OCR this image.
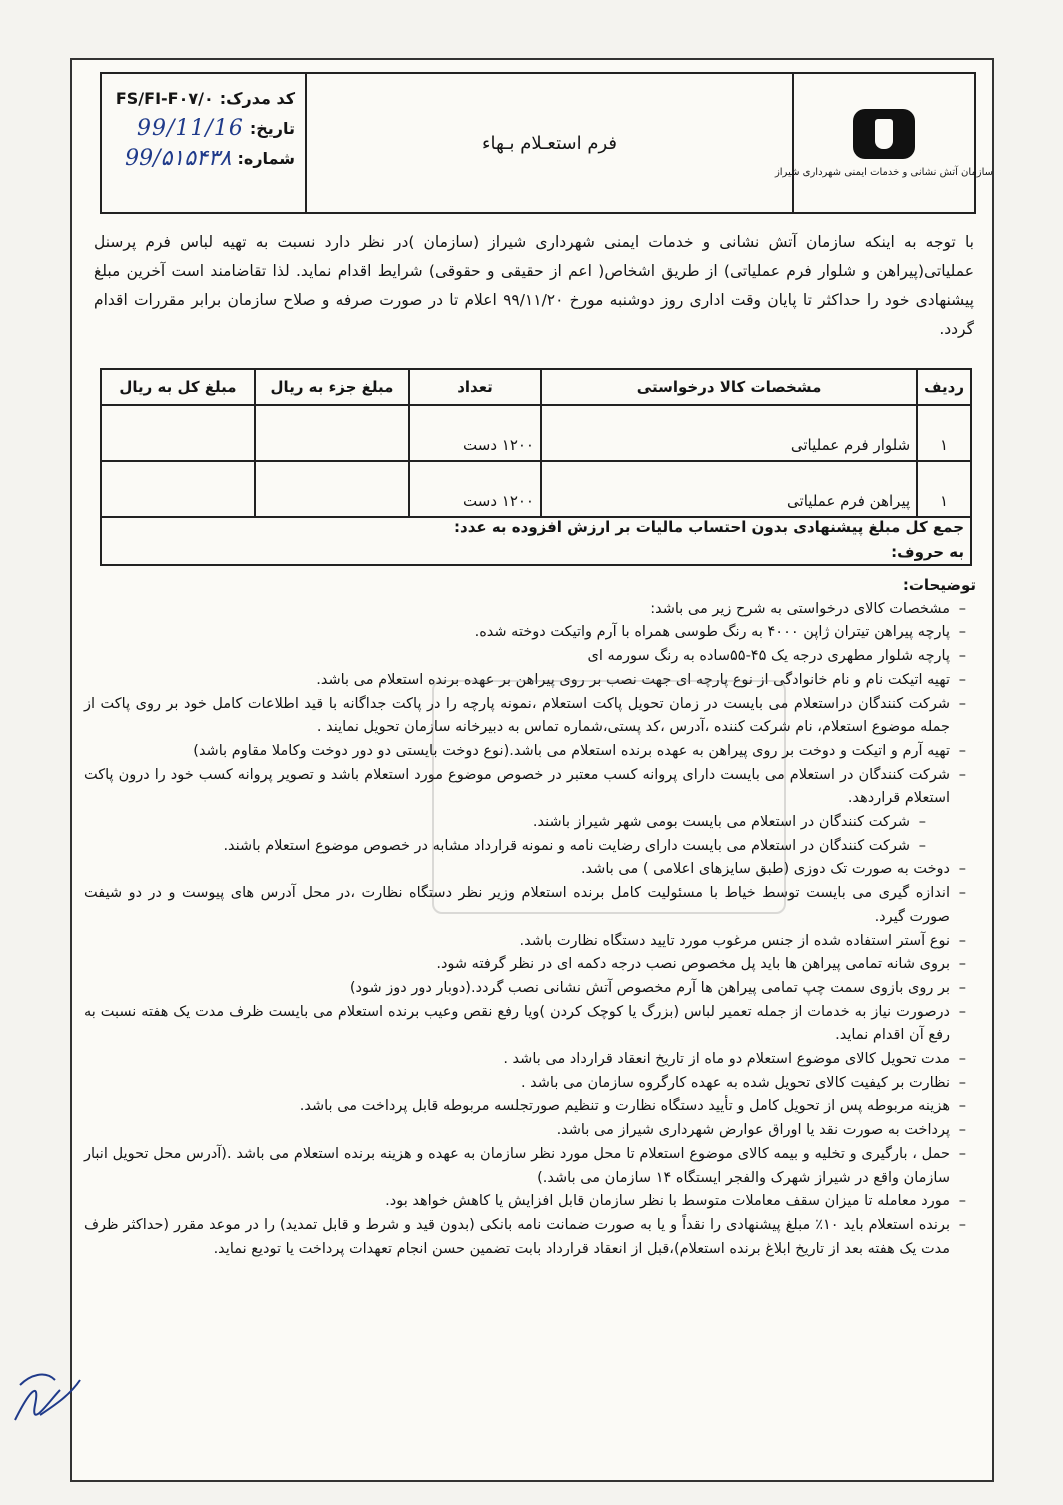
کد مدرک:
FS/FI-F۰۷/۰
تاریخ:
99/11/16
شماره:
99/۵۱۵۴۳۸
فرم استعـلام بـهاء
سازمان آتش نشانی و خدمات ایمنی شهرداری شیراز
با توجه به اینکه سازمان آتش نشانی و خدمات ایمنی شهرداری شیراز (سازمان )در نظر دارد نسبت به تهیه لباس فرم پرسنل عملیاتی(پیراهن و شلوار فرم عملیاتی) از طریق اشخاص( اعم از حقیقی و حقوقی) شرایط اقدام نماید. لذا تقاضامند است آخرین مبلغ پیشنهادی خود را حداکثر تا پایان وقت اداری روز دوشنبه مورخ ۹۹/۱۱/۲۰ اعلام تا در صورت صرفه و صلاح سازمان برابر مقررات اقدام گردد.
ردیف	مشخصات کالا درخواستی	تعداد	مبلغ جزء به ریال	مبلغ کل به ریال
۱	شلوار فرم عملیاتی	۱۲۰۰ دست		
۱	پیراهن فرم عملیاتی	۱۲۰۰ دست		
جمع کل مبلغ پیشنهادی بدون احتساب مالیات بر ارزش افزوده به عدد:
به حروف:
توضیحات:
– مشخصات کالای درخواستی به شرح زیر می باشد:
– پارچه پیراهن تیتران ژاپن ۴۰۰۰ به رنگ طوسی همراه با آرم واتیکت دوخته شده.
– پارچه شلوار مطهری درجه یک ۴۵-۵۵ساده به رنگ سورمه ای
– تهیه اتیکت نام و نام خانوادگی از نوع پارچه ای جهت نصب بر روی پیراهن بر عهده برنده استعلام می باشد.
– شرکت کنندگان دراستعلام می بایست در زمان تحویل پاکت استعلام ،نمونه پارچه را در پاکت جداگانه با قید اطلاعات کامل خود بر روی پاکت از جمله موضوع استعلام، نام شرکت کننده ،آدرس ،کد پستی،شماره تماس به دبیرخانه سازمان تحویل نمایند .
– تهیه آرم و اتیکت و دوخت بر روی پیراهن به عهده برنده استعلام می باشد.(نوع دوخت بایستی دو دور دوخت وکاملا مقاوم باشد)
– شرکت کنندگان در استعلام می بایست دارای پروانه کسب معتبر در خصوص موضوع مورد استعلام باشد و تصویر پروانه کسب خود را درون پاکت استعلام قراردهد.
– شرکت کنندگان در استعلام می بایست بومی شهر شیراز باشند.
– شرکت کنندگان در استعلام می بایست دارای رضایت نامه و نمونه قرارداد مشابه در خصوص موضوع استعلام باشند.
– دوخت به صورت تک دوزی (طبق سایزهای اعلامی ) می باشد.
– اندازه گیری می بایست توسط خیاط با مسئولیت کامل برنده استعلام وزیر نظر دستگاه نظارت ،در محل آدرس های پیوست و در دو شیفت صورت گیرد.
– نوع آستر استفاده شده از جنس مرغوب مورد تایید دستگاه نظارت باشد.
– بروی شانه تمامی پیراهن ها باید پل مخصوص نصب درجه دکمه ای در نظر گرفته شود.
– بر روی بازوی سمت چپ تمامی پیراهن ها آرم مخصوص آتش نشانی نصب گردد.(دوبار دور دوز شود)
– درصورت نیاز به خدمات از جمله تعمیر لباس (بزرگ یا کوچک کردن )ویا رفع نقص وعیب برنده استعلام می بایست ظرف مدت یک هفته نسبت به رفع آن اقدام نماید.
– مدت تحویل کالای موضوع استعلام دو ماه از تاریخ انعقاد قرارداد می باشد .
– نظارت بر کیفیت کالای تحویل شده به عهده کارگروه سازمان می باشد .
– هزینه مربوطه پس از تحویل کامل و تأیید دستگاه نظارت و تنظیم صورتجلسه مربوطه قابل پرداخت می باشد.
– پرداخت به صورت نقد یا اوراق عوارض شهرداری شیراز می باشد.
– حمل ، بارگیری و تخلیه و بیمه کالای موضوع استعلام تا محل مورد نظر سازمان به عهده و هزینه برنده استعلام می باشد .(آدرس محل تحویل انبار سازمان واقع در شیراز شهرک والفجر ایستگاه ۱۴ سازمان می باشد.)
– مورد معامله تا میزان سقف معاملات متوسط با نظر سازمان قابل افزایش یا کاهش خواهد بود.
– برنده استعلام باید ۱۰٪ مبلغ پیشنهادی را نقداً و یا به صورت ضمانت نامه بانکی (بدون قید و شرط و قابل تمدید) را در موعد مقرر (حداکثر ظرف مدت یک هفته بعد از تاریخ ابلاغ برنده استعلام)،قبل از انعقاد قرارداد بابت تضمین حسن انجام تعهدات پرداخت یا تودیع نماید.
